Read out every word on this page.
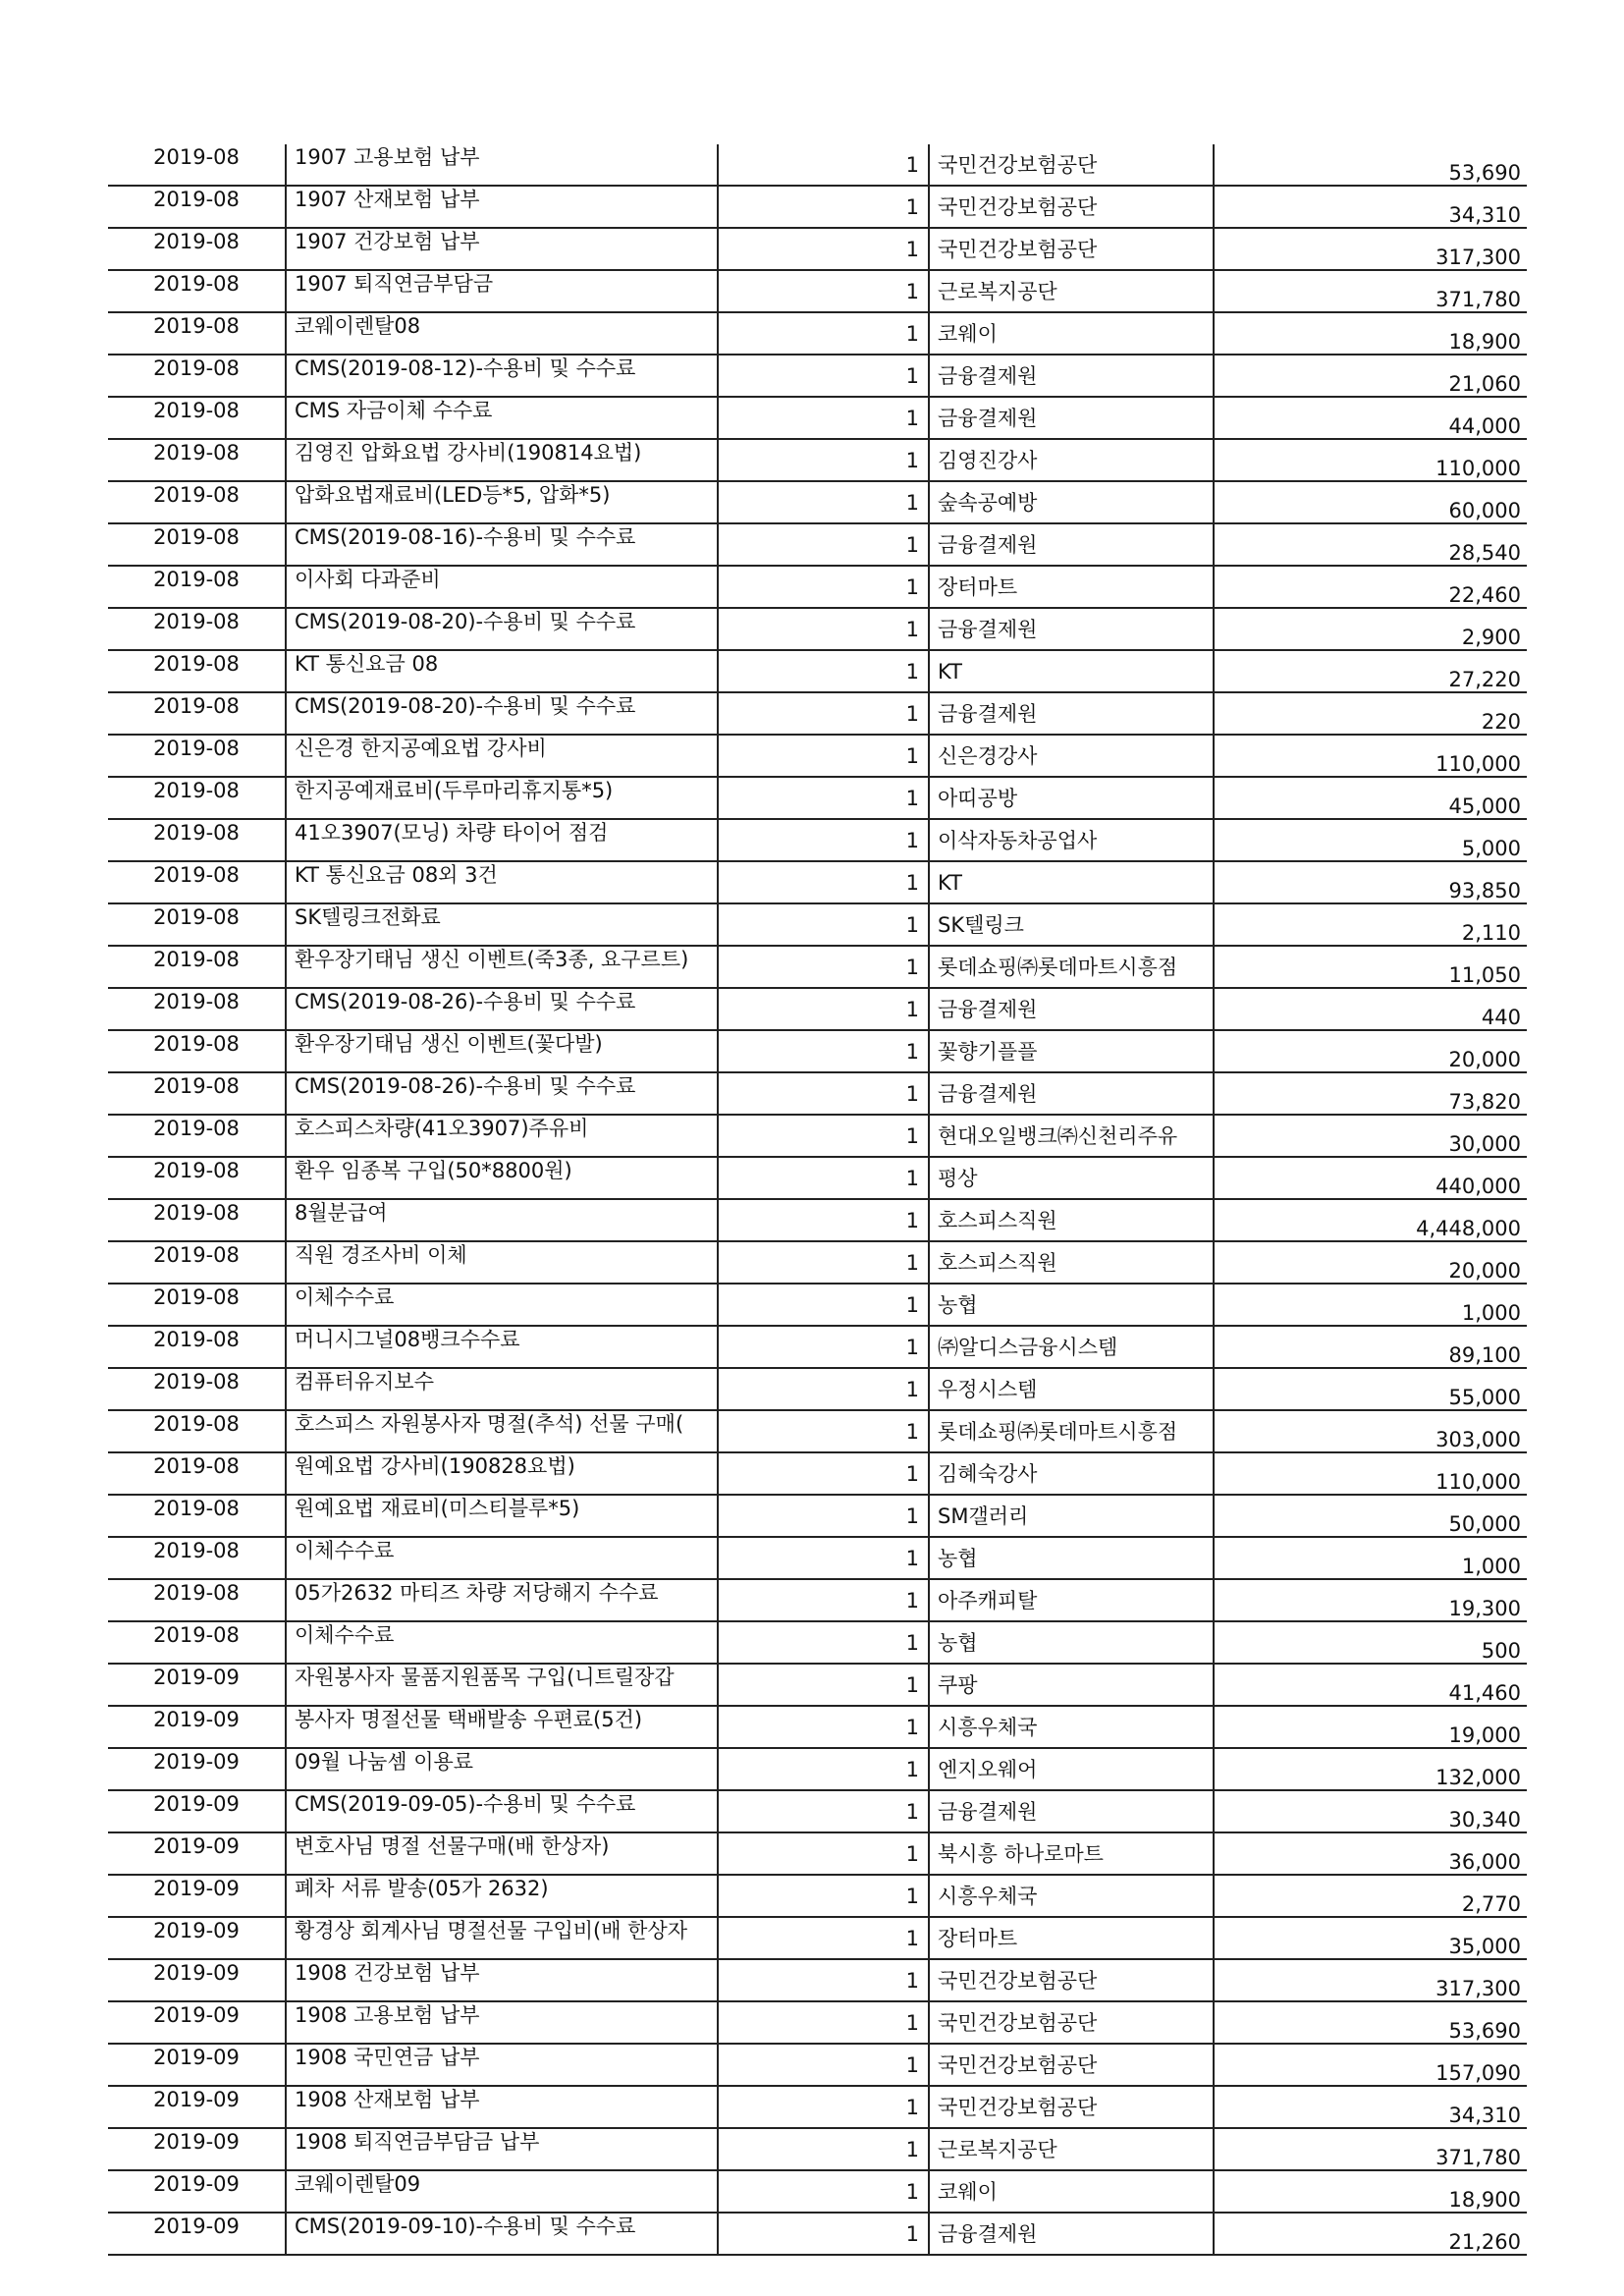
2019-08	1907 고용보험 납부	1	국민건강보험공단	53,690
2019-08	1907 산재보험 납부	1	국민건강보험공단	34,310
2019-08	1907 건강보험 납부	1	국민건강보험공단	317,300
2019-08	1907 퇴직연금부담금	1	근로복지공단	371,780
2019-08	코웨이렌탈08	1	코웨이	18,900
2019-08	CMS(2019-08-12)-수용비 및 수수료	1	금융결제원	21,060
2019-08	CMS 자금이체 수수료	1	금융결제원	44,000
2019-08	김영진 압화요법 강사비(190814요법)	1	김영진강사	110,000
2019-08	압화요법재료비(LED등*5, 압화*5)	1	숲속공예방	60,000
2019-08	CMS(2019-08-16)-수용비 및 수수료	1	금융결제원	28,540
2019-08	이사회 다과준비	1	장터마트	22,460
2019-08	CMS(2019-08-20)-수용비 및 수수료	1	금융결제원	2,900
2019-08	KT 통신요금 08	1	KT	27,220
2019-08	CMS(2019-08-20)-수용비 및 수수료	1	금융결제원	220
2019-08	신은경 한지공예요법 강사비	1	신은경강사	110,000
2019-08	한지공예재료비(두루마리휴지통*5)	1	아띠공방	45,000
2019-08	41오3907(모닝) 차량 타이어 점검	1	이삭자동차공업사	5,000
2019-08	KT 통신요금 08외 3건	1	KT	93,850
2019-08	SK텔링크전화료	1	SK텔링크	2,110
2019-08	환우장기태님 생신 이벤트(죽3종, 요구르트)	1	롯데쇼핑㈜롯데마트시흥점	11,050
2019-08	CMS(2019-08-26)-수용비 및 수수료	1	금융결제원	440
2019-08	환우장기태님 생신 이벤트(꽃다발)	1	꽃향기플플	20,000
2019-08	CMS(2019-08-26)-수용비 및 수수료	1	금융결제원	73,820
2019-08	호스피스차량(41오3907)주유비	1	현대오일뱅크㈜신천리주유	30,000
2019-08	환우 임종복 구입(50*8800원)	1	평상	440,000
2019-08	8월분급여	1	호스피스직원	4,448,000
2019-08	직원 경조사비 이체	1	호스피스직원	20,000
2019-08	이체수수료	1	농협	1,000
2019-08	머니시그널08뱅크수수료	1	㈜알디스금융시스템	89,100
2019-08	컴퓨터유지보수	1	우정시스템	55,000
2019-08	호스피스 자원봉사자 명절(추석) 선물 구매(	1	롯데쇼핑㈜롯데마트시흥점	303,000
2019-08	원예요법 강사비(190828요법)	1	김혜숙강사	110,000
2019-08	원예요법 재료비(미스티블루*5)	1	SM갤러리	50,000
2019-08	이체수수료	1	농협	1,000
2019-08	05가2632 마티즈 차량 저당해지 수수료	1	아주캐피탈	19,300
2019-08	이체수수료	1	농협	500
2019-09	자원봉사자 물품지원품목 구입(니트릴장갑	1	쿠팡	41,460
2019-09	봉사자 명절선물 택배발송 우편료(5건)	1	시흥우체국	19,000
2019-09	09월 나눔셈 이용료	1	엔지오웨어	132,000
2019-09	CMS(2019-09-05)-수용비 및 수수료	1	금융결제원	30,340
2019-09	변호사님 명절 선물구매(배 한상자)	1	북시흥 하나로마트	36,000
2019-09	폐차 서류 발송(05가 2632)	1	시흥우체국	2,770
2019-09	황경상 회계사님 명절선물 구입비(배 한상자	1	장터마트	35,000
2019-09	1908 건강보험 납부	1	국민건강보험공단	317,300
2019-09	1908 고용보험 납부	1	국민건강보험공단	53,690
2019-09	1908 국민연금 납부	1	국민건강보험공단	157,090
2019-09	1908 산재보험 납부	1	국민건강보험공단	34,310
2019-09	1908 퇴직연금부담금 납부	1	근로복지공단	371,780
2019-09	코웨이렌탈09	1	코웨이	18,900
2019-09	CMS(2019-09-10)-수용비 및 수수료	1	금융결제원	21,260
